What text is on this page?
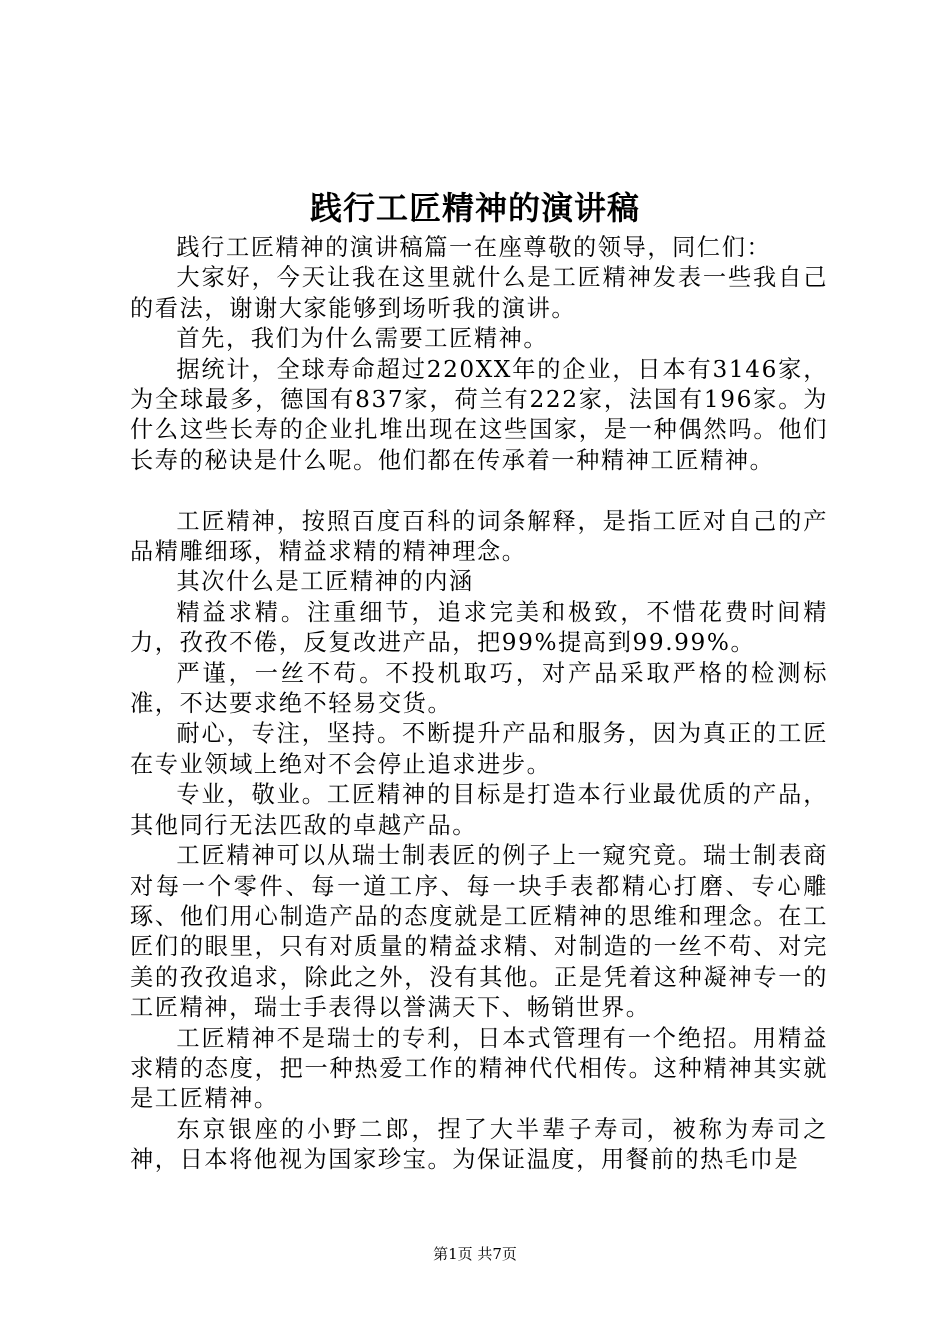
践行工匠精神的演讲稿

践行工匠精神的演讲稿篇一在座尊敬的领导，同仁们：

大家好，今天让我在这里就什么是工匠精神发表一些我自己的看法，谢谢大家能够到场听我的演讲。

首先，我们为什么需要工匠精神。

据统计，全球寿命超过220XX年的企业，日本有3146家，为全球最多，德国有837家，荷兰有222家，法国有196家。为什么这些长寿的企业扎堆出现在这些国家，是一种偶然吗。他们长寿的秘诀是什么呢。他们都在传承着一种精神工匠精神。

工匠精神，按照百度百科的词条解释，是指工匠对自己的产品精雕细琢，精益求精的精神理念。

其次什么是工匠精神的内涵

精益求精。注重细节，追求完美和极致，不惜花费时间精力，孜孜不倦，反复改进产品，把99%提高到99.99%。

严谨，一丝不苟。不投机取巧，对产品采取严格的检测标准，不达要求绝不轻易交货。

耐心，专注，坚持。不断提升产品和服务，因为真正的工匠在专业领域上绝对不会停止追求进步。

专业，敬业。工匠精神的目标是打造本行业最优质的产品，其他同行无法匹敌的卓越产品。

工匠精神可以从瑞士制表匠的例子上一窥究竟。瑞士制表商对每一个零件、每一道工序、每一块手表都精心打磨、专心雕琢、他们用心制造产品的态度就是工匠精神的思维和理念。在工匠们的眼里，只有对质量的精益求精、对制造的一丝不苟、对完美的孜孜追求，除此之外，没有其他。正是凭着这种凝神专一的工匠精神，瑞士手表得以誉满天下、畅销世界。

工匠精神不是瑞士的专利，日本式管理有一个绝招。用精益求精的态度，把一种热爱工作的精神代代相传。这种精神其实就是工匠精神。

东京银座的小野二郎，捏了大半辈子寿司，被称为寿司之神，日本将他视为国家珍宝。为保证温度，用餐前的热毛巾是

第1页 共7页
